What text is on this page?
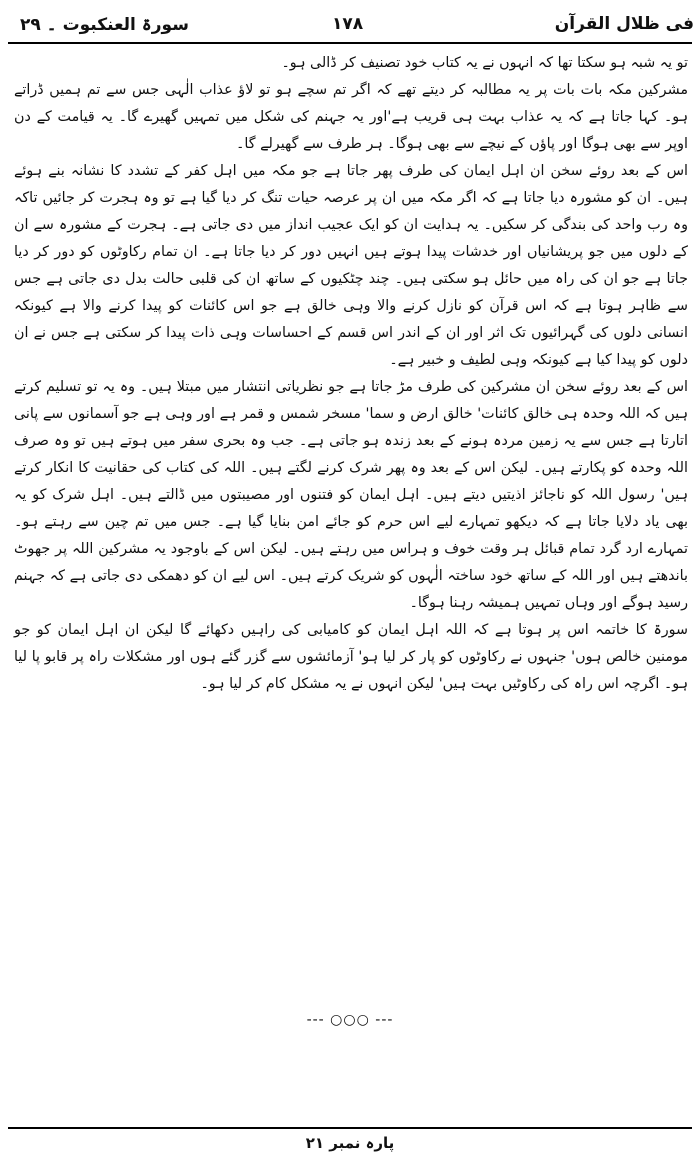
فی ظلال القرآن
۱۷۸
سورۃ العنکبوت ۔ ۲۹

تو یہ شبہ ہو سکتا تھا کہ انہوں نے یہ کتاب خود تصنیف کر ڈالی ہو۔

مشرکین مکہ بات بات پر یہ مطالبہ کر دیتے تھے کہ اگر تم سچے ہو تو لاؤ عذاب الٰہی جس سے تم ہمیں ڈراتے ہو۔ کہا جاتا ہے کہ یہ عذاب بہت ہی قریب ہے'اور یہ جہنم کی شکل میں تمہیں گھیرے گا۔ یہ قیامت کے دن اوپر سے بھی ہوگا اور پاؤں کے نیچے سے بھی ہوگا۔ ہر طرف سے گھیرلے گا۔

اس کے بعد روئے سخن ان اہل ایمان کی طرف پھر جاتا ہے جو مکہ میں اہل کفر کے تشدد کا نشانہ بنے ہوئے ہیں۔ ان کو مشورہ دیا جاتا ہے کہ اگر مکہ میں ان پر عرصہ حیات تنگ کر دیا گیا ہے تو وہ ہجرت کر جائیں تاکہ وہ رب واحد کی بندگی کر سکیں۔ یہ ہدایت ان کو ایک عجیب انداز میں دی جاتی ہے۔ ہجرت کے مشورہ سے ان کے دلوں میں جو پریشانیاں اور خدشات پیدا ہوتے ہیں انہیں دور کر دیا جاتا ہے۔ ان تمام رکاوٹوں کو دور کر دیا جاتا ہے جو ان کی راہ میں حائل ہو سکتی ہیں۔ چند چٹکیوں کے ساتھ ان کی قلبی حالت بدل دی جاتی ہے جس سے ظاہر ہوتا ہے کہ اس قرآن کو نازل کرنے والا وہی خالق ہے جو اس کائنات کو پیدا کرنے والا ہے کیونکہ انسانی دلوں کی گہرائیوں تک اثر اور ان کے اندر اس قسم کے احساسات وہی ذات پیدا کر سکتی ہے جس نے ان دلوں کو پیدا کیا ہے کیونکہ وہی لطیف و خبیر ہے۔

اس کے بعد روئے سخن ان مشرکین کی طرف مڑ جاتا ہے جو نظریاتی انتشار میں مبتلا ہیں۔ وہ یہ تو تسلیم کرتے ہیں کہ اللہ وحدہ ہی خالق کائنات' خالق ارض و سما' مسخر شمس و قمر ہے اور وہی ہے جو آسمانوں سے پانی اتارتا ہے جس سے یہ زمین مردہ ہونے کے بعد زندہ ہو جاتی ہے۔ جب وہ بحری سفر میں ہوتے ہیں تو وہ صرف اللہ وحدہ کو پکارتے ہیں۔ لیکن اس کے بعد وہ پھر شرک کرنے لگتے ہیں۔ اللہ کی کتاب کی حقانیت کا انکار کرتے ہیں' رسول اللہ کو ناجائز اذیتیں دیتے ہیں۔ اہل ایمان کو فتنوں اور مصیبتوں میں ڈالتے ہیں۔ اہل شرک کو یہ بھی یاد دلایا جاتا ہے کہ دیکھو تمہارے لیے اس حرم کو جائے امن بنایا گیا ہے۔ جس میں تم چین سے رہتے ہو۔ تمہارے ارد گرد تمام قبائل ہر وقت خوف و ہراس میں رہتے ہیں۔ لیکن اس کے باوجود یہ مشرکین اللہ پر جھوٹ باندھتے ہیں اور اللہ کے ساتھ خود ساختہ الٰہوں کو شریک کرتے ہیں۔ اس لیے ان کو دھمکی دی جاتی ہے کہ جہنم رسید ہوگے اور وہاں تمہیں ہمیشہ رہنا ہوگا۔

سورۃ کا خاتمہ اس پر ہوتا ہے کہ اللہ اہل ایمان کو کامیابی کی راہیں دکھائے گا لیکن ان اہل ایمان کو جو مومنین خالص ہوں' جنہوں نے رکاوٹوں کو پار کر لیا ہو' آزمائشوں سے گزر گئے ہوں اور مشکلات راہ پر قابو پا لیا ہو۔ اگرچہ اس راہ کی رکاوٹیں بہت ہیں' لیکن انہوں نے یہ مشکل کام کر لیا ہو۔

--- ○○○ ---
پارہ نمبر ۲۱
